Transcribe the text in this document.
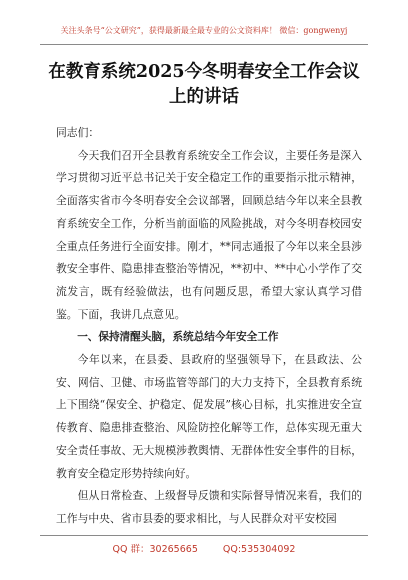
关注头条号“公文研究”，获得最新最全最专业的公文资料库！ 微信：gongwenyj
在教育系统2025今冬明春安全工作会议
上的讲话

同志们：

今天我们召开全县教育系统安全工作会议，主要任务是深入学习贯彻习近平总书记关于安全稳定工作的重要指示批示精神，全面落实省市今冬明春安全会议部署，回顾总结今年以来全县教育系统安全工作，分析当前面临的风险挑战，对今冬明春校园安全重点任务进行全面安排。刚才，**同志通报了今年以来全县涉教安全事件、隐患排查整治等情况，**初中、**中心小学作了交流发言，既有经验做法，也有问题反思，希望大家认真学习借鉴。下面，我讲几点意见。

一、保持清醒头脑，系统总结今年安全工作

今年以来，在县委、县政府的坚强领导下，在县政法、公安、网信、卫健、市场监管等部门的大力支持下，全县教育系统上下围绕“保安全、护稳定、促发展”核心目标，扎实推进安全宣传教育、隐患排查整治、风险防控化解等工作，总体实现无重大安全责任事故、无大规模涉教舆情、无群体性安全事件的目标，教育安全稳定形势持续向好。

但从日常检查、上级督导反馈和实际督导情况来看，我们的工作与中央、省市县委的要求相比，与人民群众对平安校园

QQ 群：30265665	QQ:535304092
